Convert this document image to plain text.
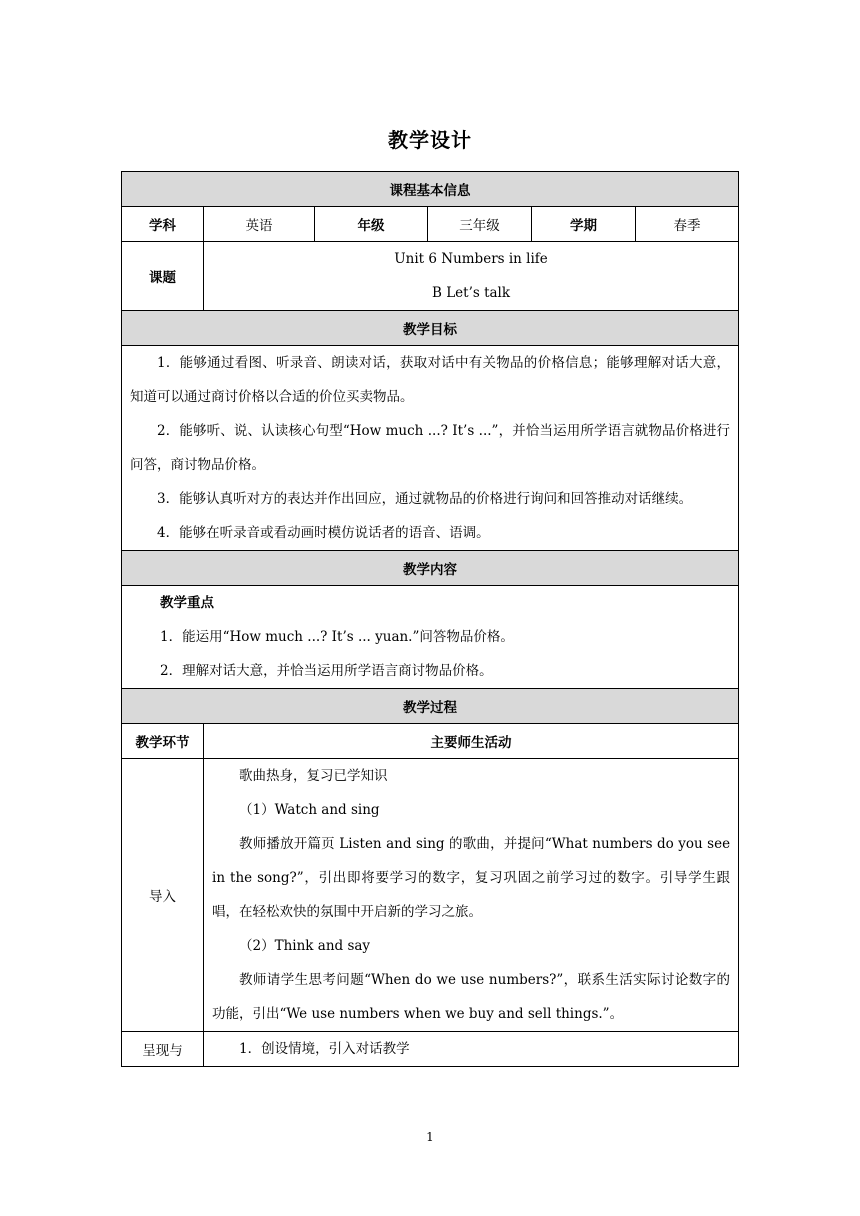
教学设计
课程基本信息					
学科	英语	年级	三年级	学期	春季
课题	Unit 6 Numbers in life
B Let’s talk				

教学目标					

1．能够通过看图、听录音、朗读对话，获取对话中有关物品的价格信息；能够理解对话大意，知道可以通过商讨价格以合适的价位买卖物品。

2．能够听、说、认读核心句型“How much ...? It’s ...”，并恰当运用所学语言就物品价格进行问答，商讨物品价格。

3．能够认真听对方的表达并作出回应，通过就物品的价格进行询问和回答推动对话继续。

4．能够在听录音或看动画时模仿说话者的语音、语调。					

教学内容					

教学重点

1．能运用“How much ...? It’s ... yuan.”问答物品价格。

2．理解对话大意，并恰当运用所学语言商讨物品价格。					

教学过程					
教学环节	主要师生活动				
导入	歌曲热身，复习已学知识

（1）Watch and sing

教师播放开篇页 Listen and sing 的歌曲，并提问“What numbers do you see in the song?”，引出即将要学习的数字，复习巩固之前学习过的数字。引导学生跟唱，在轻松欢快的氛围中开启新的学习之旅。

（2）Think and say

教师请学生思考问题“When do we use numbers?”，联系生活实际讨论数字的功能，引出“We use numbers when we buy and sell things.”。				

呈现与	1．创设情境，引入对话教学				

1
